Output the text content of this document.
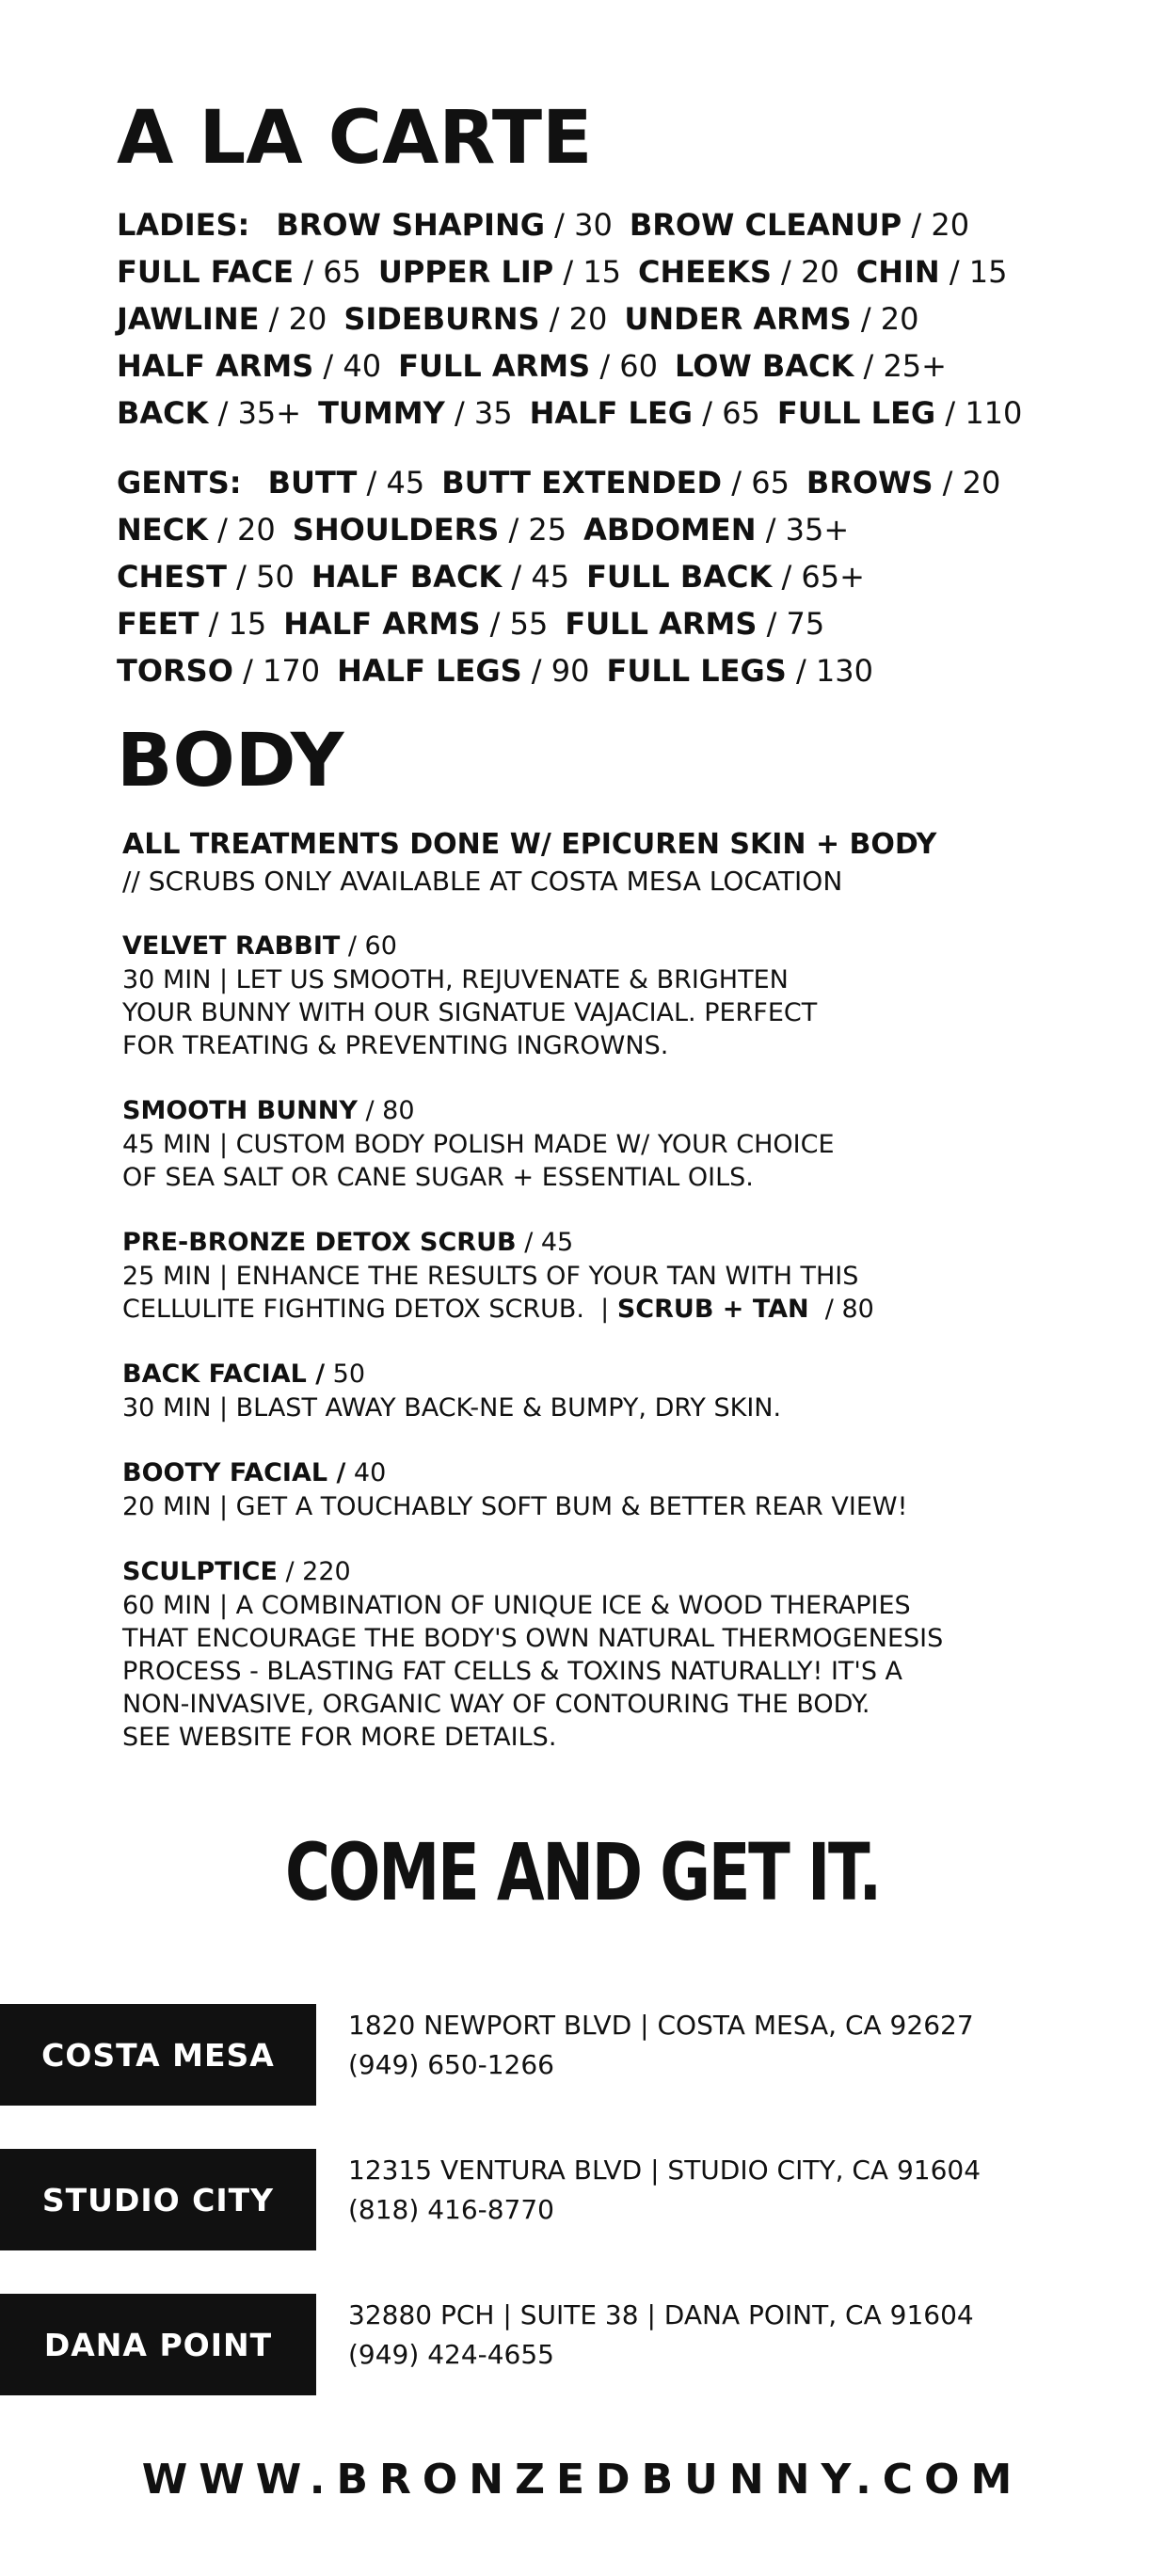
A LA CARTE
LADIES: BROW SHAPING / 30 BROW CLEANUP / 20
FULL FACE / 65 UPPER LIP / 15 CHEEKS / 20 CHIN / 15
JAWLINE / 20 SIDEBURNS / 20 UNDER ARMS / 20
HALF ARMS / 40 FULL ARMS / 60 LOW BACK / 25+
BACK / 35+ TUMMY / 35 HALF LEG / 65 FULL LEG / 110
GENTS: BUTT / 45 BUTT EXTENDED / 65 BROWS / 20
NECK / 20 SHOULDERS / 25 ABDOMEN / 35+
CHEST / 50 HALF BACK / 45 FULL BACK / 65+
FEET / 15 HALF ARMS / 55 FULL ARMS / 75
TORSO / 170 HALF LEGS / 90 FULL LEGS / 130
BODY
ALL TREATMENTS DONE W/ EPICUREN SKIN + BODY
// SCRUBS ONLY AVAILABLE AT COSTA MESA LOCATION
VELVET RABBIT / 60
30 MIN | LET US SMOOTH, REJUVENATE & BRIGHTEN
YOUR BUNNY WITH OUR SIGNATUE VAJACIAL. PERFECT
FOR TREATING & PREVENTING INGROWNS.
SMOOTH BUNNY / 80
45 MIN | CUSTOM BODY POLISH MADE W/ YOUR CHOICE
OF SEA SALT OR CANE SUGAR + ESSENTIAL OILS.
PRE-BRONZE DETOX SCRUB / 45
25 MIN | ENHANCE THE RESULTS OF YOUR TAN WITH THIS
CELLULITE FIGHTING DETOX SCRUB.  | SCRUB + TAN  / 80
BACK FACIAL / 50
30 MIN | BLAST AWAY BACK-NE & BUMPY, DRY SKIN.
BOOTY FACIAL / 40
20 MIN | GET A TOUCHABLY SOFT BUM & BETTER REAR VIEW!
SCULPTICE / 220
60 MIN | A COMBINATION OF UNIQUE ICE & WOOD THERAPIES
THAT ENCOURAGE THE BODY'S OWN NATURAL THERMOGENESIS
PROCESS - BLASTING FAT CELLS & TOXINS NATURALLY! IT'S A
NON-INVASIVE, ORGANIC WAY OF CONTOURING THE BODY.
SEE WEBSITE FOR MORE DETAILS.
COME AND GET IT.
COSTA MESA
1820 NEWPORT BLVD | COSTA MESA, CA 92627
(949) 650-1266
STUDIO CITY
12315 VENTURA BLVD | STUDIO CITY, CA 91604
(818) 416-8770
DANA POINT
32880 PCH | SUITE 38 | DANA POINT, CA 91604
(949) 424-4655
WWW.BRONZEDBUNNY.COM
